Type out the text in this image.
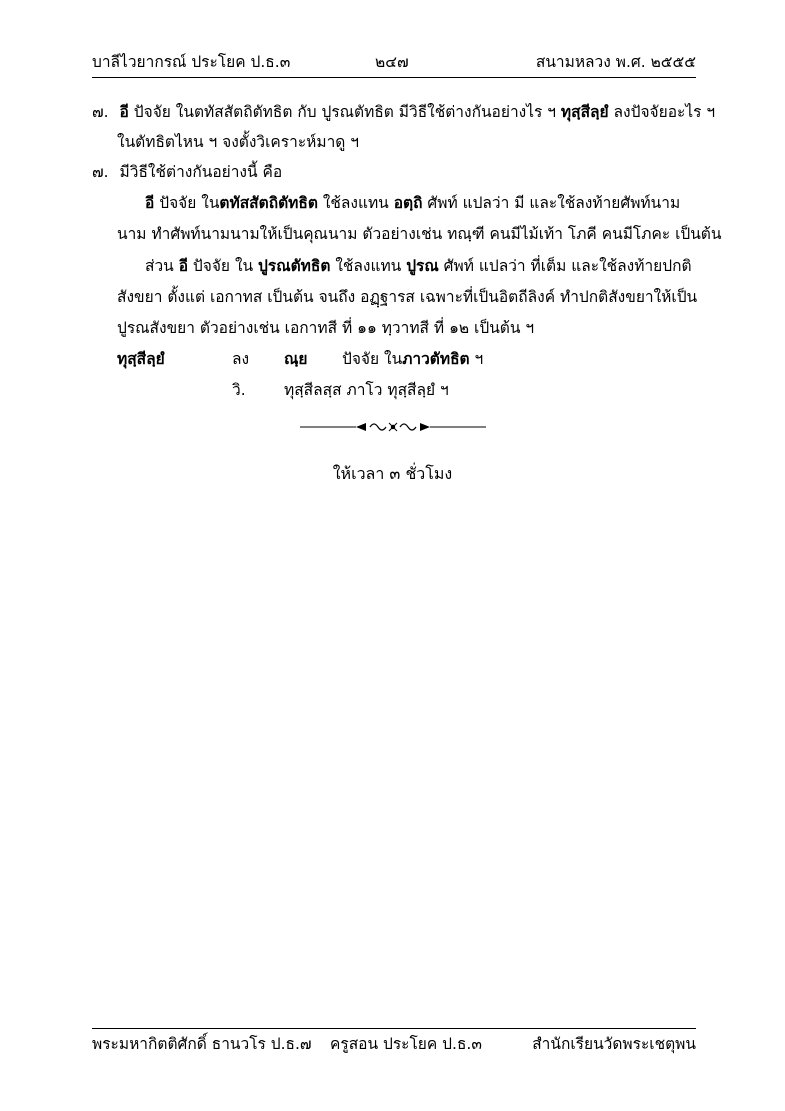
บาลีไวยากรณ์ ประโยค ป.ธ.๓	๒๔๗	สนามหลวง พ.ศ. ๒๕๕๕
๗. อี ปัจจัย ในตทัสสัตถิตัทธิต กับ ปูรณตัทธิต มีวิธีใช้ต่างกันอย่างไร ฯ ทุสฺสีลฺยํ ลงปัจจัยอะไร ฯ
ในตัทธิตไหน ฯ จงตั้งวิเคราะห์มาดู ฯ
๗. มีวิธีใช้ต่างกันอย่างนี้ คือ
อี ปัจจัย ในตทัสสัตถิตัทธิต ใช้ลงแทน อตฺถิ ศัพท์ แปลว่า มี และใช้ลงท้ายศัพท์นาม
นาม ทำศัพท์นามนามให้เป็นคุณนาม ตัวอย่างเช่น ทณฺฑี คนมีไม้เท้า โภคี คนมีโภคะ เป็นต้น
ส่วน อี ปัจจัย ใน ปูรณตัทธิต ใช้ลงแทน ปูรณ ศัพท์ แปลว่า ที่เต็ม และใช้ลงท้ายปกติ
สังขยา ตั้งแต่ เอกาทส เป็นต้น จนถึง อฏฺฐารส เฉพาะที่เป็นอิตถีลิงค์ ทำปกติสังขยาให้เป็น
ปูรณสังขยา ตัวอย่างเช่น เอกาทสี ที่ ๑๑ ทฺวาทสี ที่ ๑๒ เป็นต้น ฯ
ทุสฺสีลฺยํ	ลง ณฺย ปัจจัย ในภาวตัทธิต ฯ
วิ. ทุสฺสีลสฺส ภาโว ทุสฺสีลฺยํ ฯ
ให้เวลา ๓ ชั่วโมง
พระมหากิตติศักดิ์ ธานวโร ป.ธ.๗ ครูสอน ประโยค ป.ธ.๓	สำนักเรียนวัดพระเชตุพน
